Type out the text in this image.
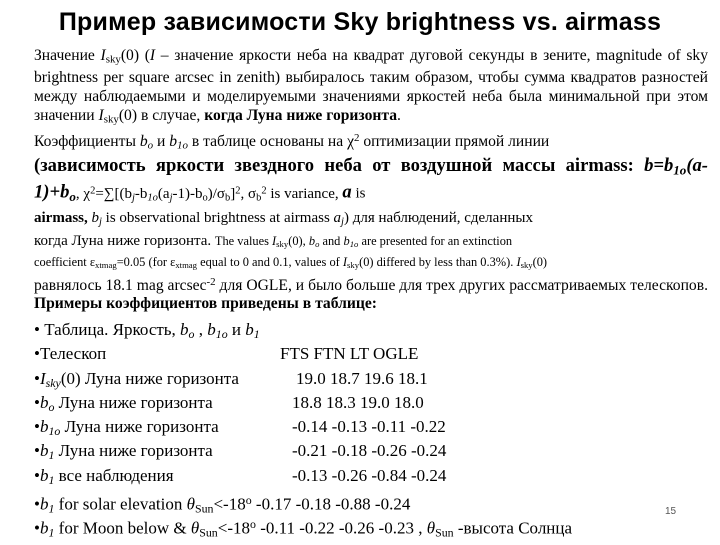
Пример зависимости Sky brightness vs. airmass

Значение $I_{sky}(0)$ (I – значение яркости неба на квадрат дуговой секунды в зените, magnitude of sky brightness per square arcsec in zenith) выбиралось таким образом, чтобы сумма квадратов разностей между наблюдаемыми и моделируемыми значениями яркостей неба была минимальной при этом значении $I_{sky}(0)$ в случае, когда Луна ниже горизонта.

Коэффициенты $b_o$ и $b_{1o}$ в таблице основаны на $\chi^2$ оптимизации прямой линии

(зависимость яркости звездного неба от воздушной массы airmass: $b=b_{1o}(a-1)+b_o$, $\chi^2=\sum[(b_j-b_{1o}(a_j-1)-b_o)/\sigma_b]^2$, $\sigma_b^2$ is variance, a is

airmass, $b_j$ is observational brightness at airmass $a_j$) для наблюдений, сделанных

когда Луна ниже горизонта. The values $I_{sky}(0)$, $b_o$ and $b_{1o}$ are presented for an extinction

coefficient $\varepsilon_{xtmag}=0.05$ (for $\varepsilon_{xtmag}$ equal to 0 and 0.1, values of $I_{sky}(0)$ differed by less than 0.3%). $I_{sky}(0)$

равнялось 18.1 mag arcsec$^{-2}$ для OGLE, и было больше для трех других рассматриваемых телескопов. Примеры коэффициентов приведены в таблице:

• Таблица. Яркость, $b_o$ , $b_{1o}$ и $b_1$
•Телескоп	FTS FTN LT OGLE
$•I_{sky}(0)$ Луна ниже горизонта	19.0 18.7 19.6 18.1
$•b_o$ Луна ниже горизонта	18.8 18.3 19.0 18.0
$•b_{1o}$ Луна ниже горизонта	-0.14 -0.13 -0.11 -0.22
$•b_1$ Луна ниже горизонта	-0.21 -0.18 -0.26 -0.24
$•b_1$ все наблюдения	-0.13 -0.26 -0.84 -0.24
$•b_1$ for solar elevation $\theta_{Sun}<-18^o$ -0.17 -0.18 -0.88 -0.24
$•b_1$ for Moon below & $\theta_{Sun}<-18^o$ -0.11 -0.22 -0.26 -0.23 , $\theta_{Sun}$ -высота Солнца
15
